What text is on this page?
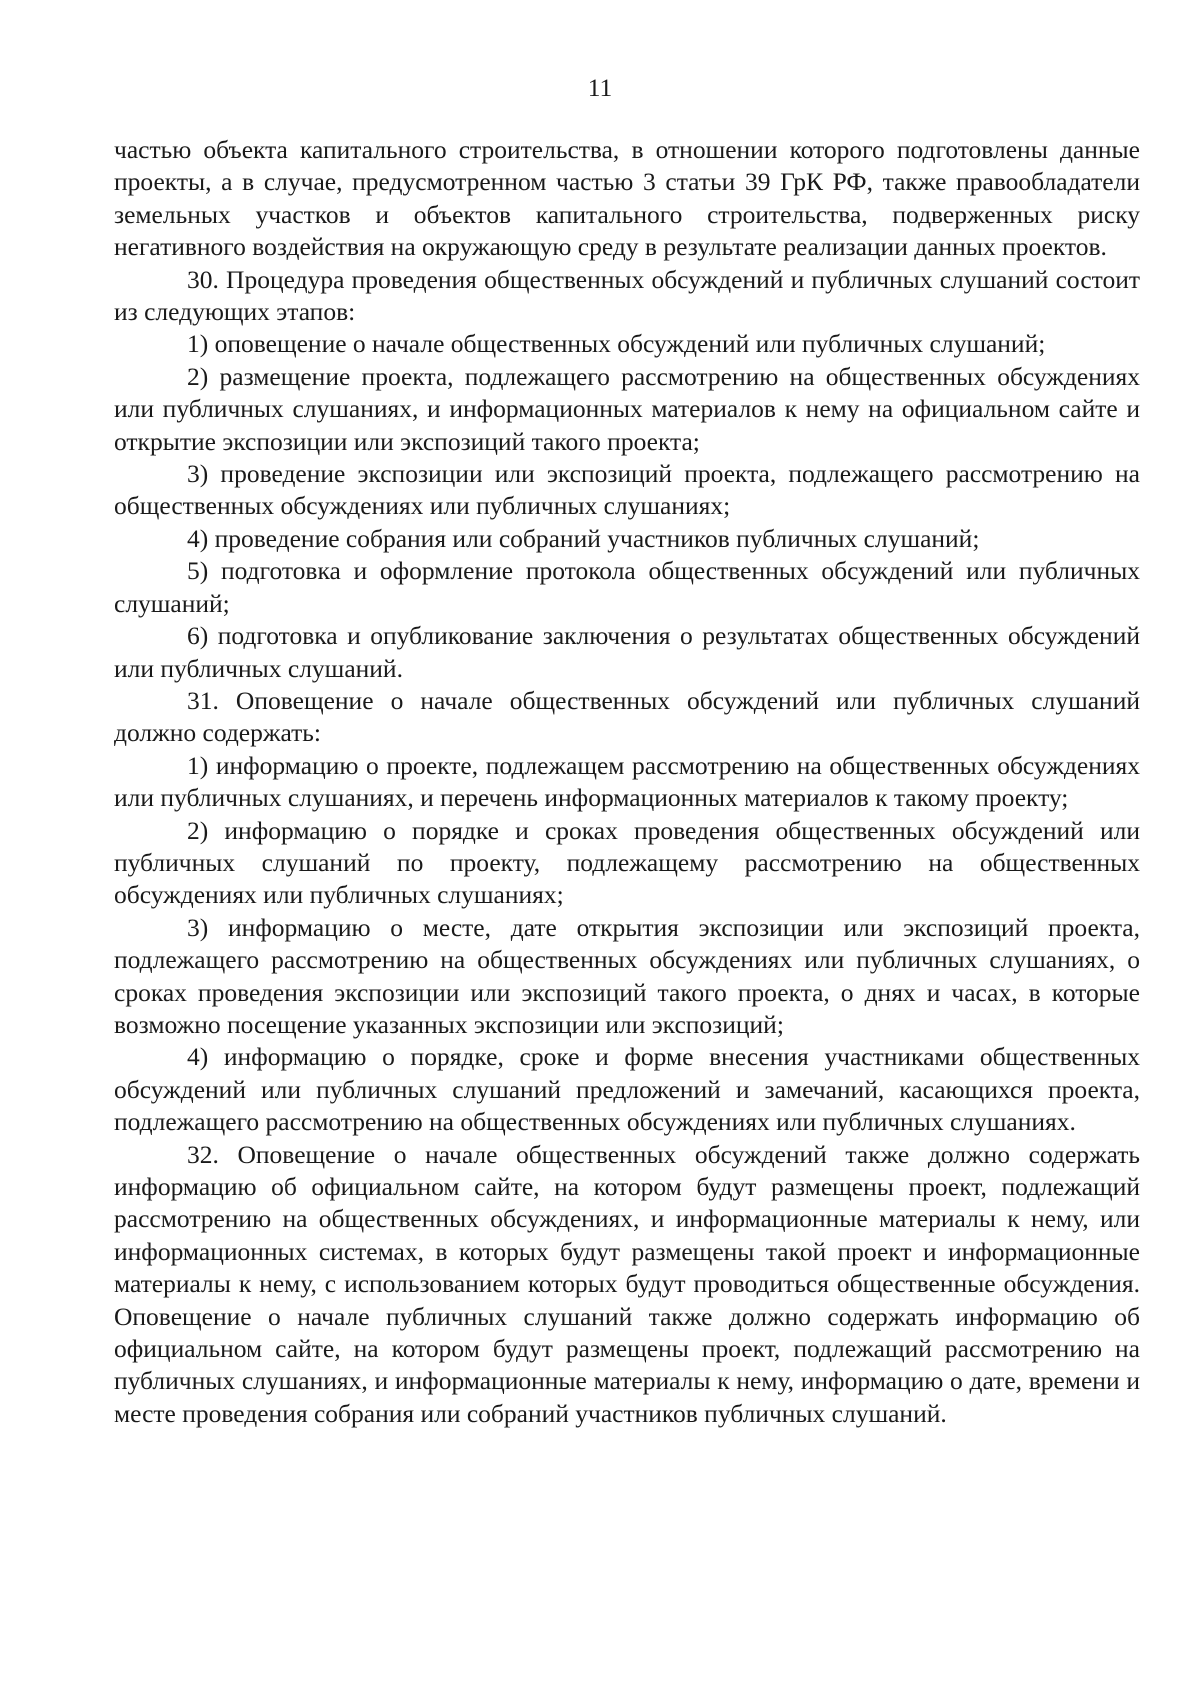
11

частью объекта капитального строительства, в отношении которого подготовлены данные проекты, а в случае, предусмотренном частью 3 статьи 39 ГрК РФ, также правообладатели земельных участков и объектов капитального строительства, подверженных риску негативного воздействия на окружающую среду в результате реализации данных проектов.

30. Процедура проведения общественных обсуждений и публичных слушаний состоит из следующих этапов:

1) оповещение о начале общественных обсуждений или публичных слушаний;

2) размещение проекта, подлежащего рассмотрению на общественных обсуждениях или публичных слушаниях, и информационных материалов к нему на официальном сайте и открытие экспозиции или экспозиций такого проекта;

3) проведение экспозиции или экспозиций проекта, подлежащего рассмотрению на общественных обсуждениях или публичных слушаниях;

4) проведение собрания или собраний участников публичных слушаний;

5) подготовка и оформление протокола общественных обсуждений или публичных слушаний;

6) подготовка и опубликование заключения о результатах общественных обсуждений или публичных слушаний.

31. Оповещение о начале общественных обсуждений или публичных слушаний должно содержать:

1) информацию о проекте, подлежащем рассмотрению на общественных обсуждениях или публичных слушаниях, и перечень информационных материалов к такому проекту;

2) информацию о порядке и сроках проведения общественных обсуждений или публичных слушаний по проекту, подлежащему рассмотрению на общественных обсуждениях или публичных слушаниях;

3) информацию о месте, дате открытия экспозиции или экспозиций проекта, подлежащего рассмотрению на общественных обсуждениях или публичных слушаниях, о сроках проведения экспозиции или экспозиций такого проекта, о днях и часах, в которые возможно посещение указанных экспозиции или экспозиций;

4) информацию о порядке, сроке и форме внесения участниками общественных обсуждений или публичных слушаний предложений и замечаний, касающихся проекта, подлежащего рассмотрению на общественных обсуждениях или публичных слушаниях.

32. Оповещение о начале общественных обсуждений также должно содержать информацию об официальном сайте, на котором будут размещены проект, подлежащий рассмотрению на общественных обсуждениях, и информационные материалы к нему, или информационных системах, в которых будут размещены такой проект и информационные материалы к нему, с использованием которых будут проводиться общественные обсуждения. Оповещение о начале публичных слушаний также должно содержать информацию об официальном сайте, на котором будут размещены проект, подлежащий рассмотрению на публичных слушаниях, и информационные материалы к нему, информацию о дате, времени и месте проведения собрания или собраний участников публичных слушаний.
